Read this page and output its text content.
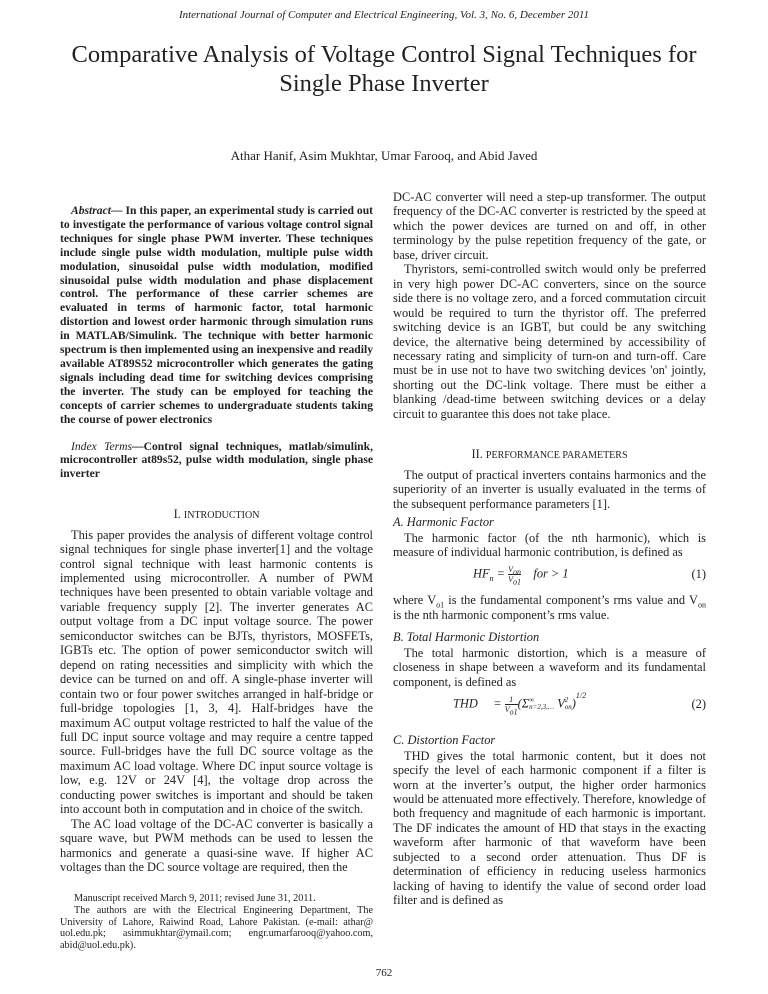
International Journal of Computer and Electrical Engineering, Vol. 3, No. 6, December 2011
Comparative Analysis of Voltage Control Signal Techniques for Single Phase Inverter
Athar Hanif, Asim Mukhtar, Umar Farooq, and Abid Javed

Abstract— In this paper, an experimental study is carried out to investigate the performance of various voltage control signal techniques for single phase PWM inverter. These techniques include single pulse width modulation, multiple pulse width modulation, sinusoidal pulse width modulation, modified sinusoidal pulse width modulation and phase displacement control. The performance of these carrier schemes are evaluated in terms of harmonic factor, total harmonic distortion and lowest order harmonic through simulation runs in MATLAB/Simulink. The technique with better harmonic spectrum is then implemented using an inexpensive and readily available AT89S52 microcontroller which generates the gating signals including dead time for switching devices comprising the inverter. The study can be employed for teaching the concepts of carrier schemes to undergraduate students taking the course of power electronics

Index Terms—Control signal techniques, matlab/simulink, microcontroller at89s52, pulse width modulation, single phase inverter

I. INTRODUCTION

This paper provides the analysis of different voltage control signal techniques for single phase inverter[1] and the voltage control signal technique with least harmonic contents is implemented using microcontroller. A number of PWM techniques have been presented to obtain variable voltage and variable frequency supply [2]. The inverter generates AC output voltage from a DC input voltage source. The power semiconductor switches can be BJTs, thyristors, MOSFETs, IGBTs etc. The option of power semiconductor switch will depend on rating necessities and simplicity with which the device can be turned on and off. A single-phase inverter will contain two or four power switches arranged in half-bridge or full-bridge topologies [1, 3, 4]. Half-bridges have the maximum AC output voltage restricted to half the value of the full DC input source voltage and may require a centre tapped source. Full-bridges have the full DC source voltage as the maximum AC load voltage. Where DC input source voltage is low, e.g. 12V or 24V [4], the voltage drop across the conducting power switches is important and should be taken into account both in computation and in choice of the switch.

The AC load voltage of the DC-AC converter is basically a square wave, but PWM methods can be used to lessen the harmonics and generate a quasi-sine wave. If higher AC voltages than the DC source voltage are required, then the

Manuscript received March 9, 2011; revised June 31, 2011.

The authors are with the Electrical Engineering Department, The University of Lahore, Raiwind Road, Lahore Pakistan. (e-mail: athar@ uol.edu.pk; asimmukhtar@ymail.com; engr.umarfarooq@yahoo.com, abid@uol.edu.pk).

DC-AC converter will need a step-up transformer. The output frequency of the DC-AC converter is restricted by the speed at which the power devices are turned on and off, in other terminology by the pulse repetition frequency of the gate, or base, driver circuit.

Thyristors, semi-controlled switch would only be preferred in very high power DC-AC converters, since on the source side there is no voltage zero, and a forced commutation circuit would be required to turn the thyristor off. The preferred switching device is an IGBT, but could be any switching device, the alternative being determined by accessibility of necessary rating and simplicity of turn-on and turn-off. Care must be in use not to have two switching devices 'on' jointly, shorting out the DC-link voltage. There must be either a blanking /dead-time between switching devices or a delay circuit to guarantee this does not take place.

II. PERFORMANCE PARAMETERS

The output of practical inverters contains harmonics and the superiority of an inverter is usually evaluated in the terms of the subsequent performance parameters [1].

A. Harmonic Factor

The harmonic factor (of the nth harmonic), which is measure of individual harmonic contribution, is defined as

$HF_n = \frac{V_{on}}{V_{o1}}$ for > 1	(1)

where $V_{o1}$ is the fundamental component’s rms value and $V_{on}$ is the nth harmonic component’s rms value.

B. Total Harmonic Distortion

The total harmonic distortion, which is a measure of closeness in shape between a waveform and its fundamental component, is defined as

THD     = $\frac{1}{V_{o1}} (\Sigma$ ∞
n=2,3,… V 2
on )$^{1/2}$
(2)
C. Distortion Factor

THD gives the total harmonic content, but it does not specify the level of each harmonic component if a filter is worn at the inverter’s output, the higher order harmonics would be attenuated more effectively. Therefore, knowledge of both frequency and magnitude of each harmonic is important. The DF indicates the amount of HD that stays in the exacting waveform after harmonic of that waveform have been subjected to a second order attenuation. Thus DF is determination of efficiency in reducing useless harmonics lacking of having to identify the value of second order load filter and is defined as

762
